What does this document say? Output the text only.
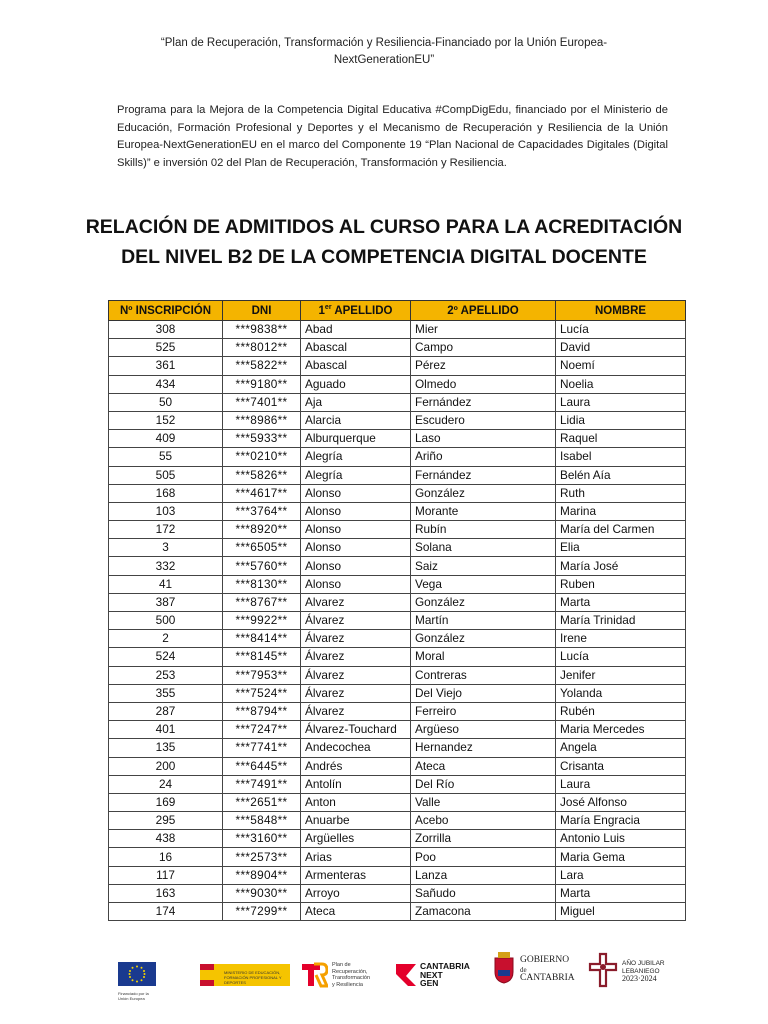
“Plan de Recuperación, Transformación y Resiliencia-Financiado por la Unión Europea-NextGenerationEU”
Programa para la Mejora de la Competencia Digital Educativa #CompDigEdu, financiado por el Ministerio de Educación, Formación Profesional y Deportes y el Mecanismo de Recuperación y Resiliencia de la Unión Europea-NextGenerationEU en el marco del Componente 19 “Plan Nacional de Capacidades Digitales (Digital Skills)” e inversión 02 del Plan de Recuperación, Transformación y Resiliencia.
RELACIÓN DE ADMITIDOS AL CURSO PARA LA ACREDITACIÓN
DEL NIVEL B2 DE LA COMPETENCIA DIGITAL DOCENTE
Nº INSCRIPCIÓN	DNI	1er APELLIDO	2º APELLIDO	NOMBRE
308	***9838**	Abad	Mier	Lucía
525	***8012**	Abascal	Campo	David
361	***5822**	Abascal	Pérez	Noemí
434	***9180**	Aguado	Olmedo	Noelia
50	***7401**	Aja	Fernández	Laura
152	***8986**	Alarcia	Escudero	Lidia
409	***5933**	Alburquerque	Laso	Raquel
55	***0210**	Alegría	Ariño	Isabel
505	***5826**	Alegría	Fernández	Belén Aía
168	***4617**	Alonso	González	Ruth
103	***3764**	Alonso	Morante	Marina
172	***8920**	Alonso	Rubín	María del Carmen
3	***6505**	Alonso	Solana	Elia
332	***5760**	Alonso	Saiz	María José
41	***8130**	Alonso	Vega	Ruben
387	***8767**	Alvarez	González	Marta
500	***9922**	Álvarez	Martín	María Trinidad
2	***8414**	Álvarez	González	Irene
524	***8145**	Álvarez	Moral	Lucía
253	***7953**	Álvarez	Contreras	Jenifer
355	***7524**	Álvarez	Del Viejo	Yolanda
287	***8794**	Álvarez	Ferreiro	Rubén
401	***7247**	Álvarez-Touchard	Argüeso	Maria Mercedes
135	***7741**	Andecochea	Hernandez	Angela
200	***6445**	Andrés	Ateca	Crisanta
24	***7491**	Antolín	Del Río	Laura
169	***2651**	Anton	Valle	José Alfonso
295	***5848**	Anuarbe	Acebo	María Engracia
438	***3160**	Argüelles	Zorrilla	Antonio Luis
16	***2573**	Arias	Poo	Maria Gema
117	***8904**	Armenteras	Lanza	Lara
163	***9030**	Arroyo	Sañudo	Marta
174	***7299**	Ateca	Zamacona	Miguel
Financiado por la Unión Europea
MINISTERIO DE EDUCACIÓN, FORMACIÓN PROFESIONAL Y DEPORTES
Plan de
Recuperación,
Transformación
y Resiliencia
CANTABRIA
NEXT
GEN
GOBIERNO
de
CANTABRIA
AÑO JUBILAR
LEBANIEGO
2023·2024
